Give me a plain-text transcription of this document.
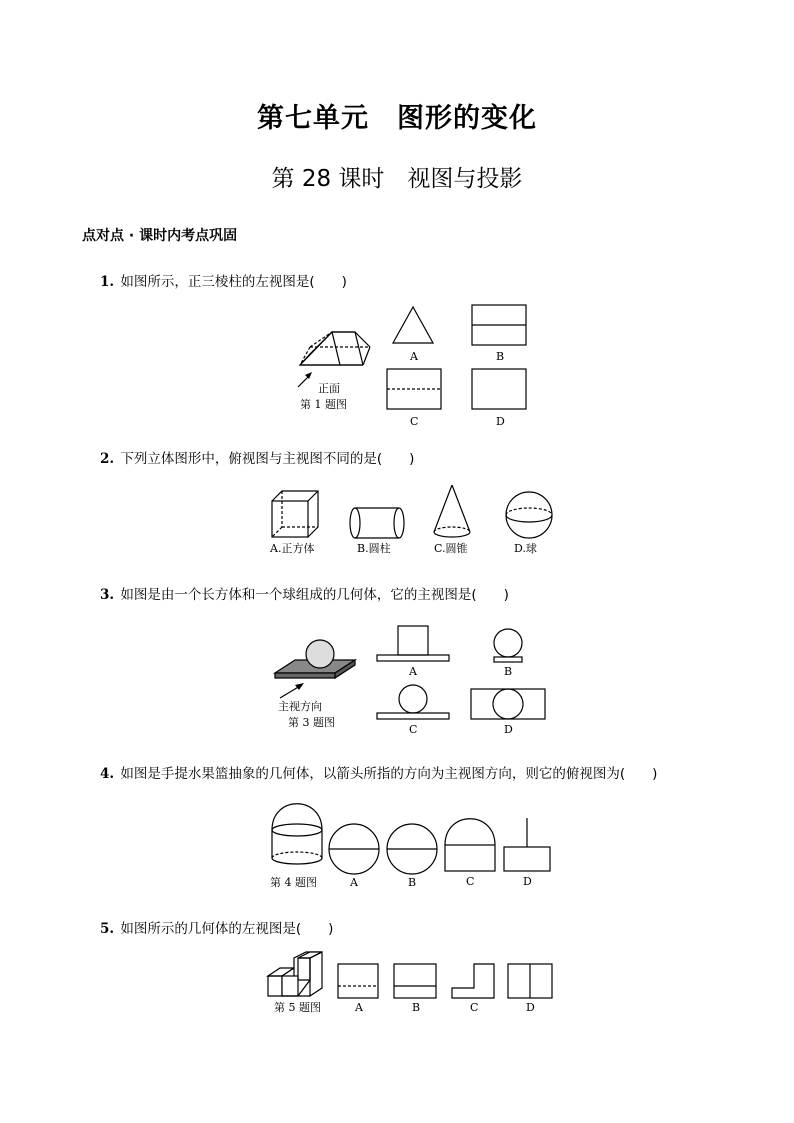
第七单元　图形的变化
第 28 课时　视图与投影
点对点 · 课时内考点巩固
1. 如图所示，正三棱柱的左视图是(　　)
正面
第 1 题图
A	B
C	D
2. 下列立体图形中，俯视图与主视图不同的是(　　)
A.正方体	B.圆柱	C.圆锥	D.球
3. 如图是由一个长方体和一个球组成的几何体，它的主视图是(　　)
主视方向
第 3 题图
A	B
C	D
4. 如图是手提水果篮抽象的几何体，以箭头所指的方向为主视图方向，则它的俯视图为(　　)
第 4 题图	A	B	C	D
5. 如图所示的几何体的左视图是(　　)
第 5 题图	A	B	C	D
